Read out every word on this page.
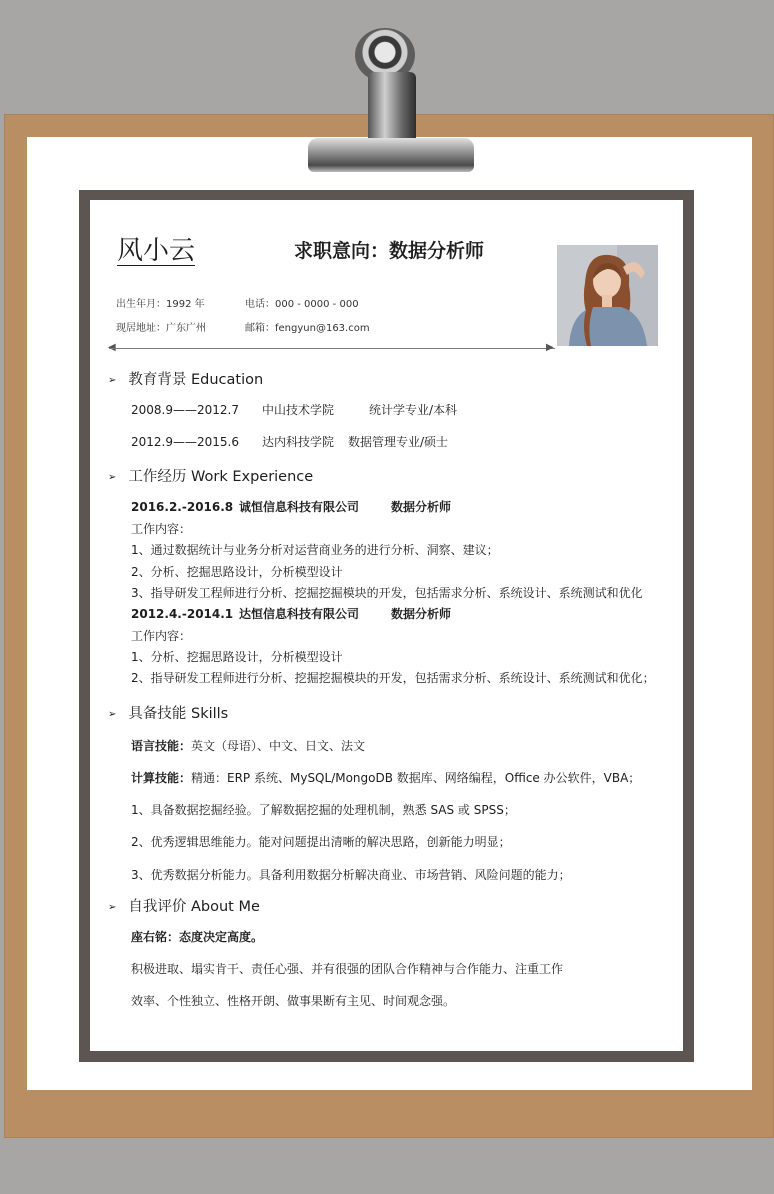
风小云	求职意向：数据分析师
出生年月：1992 年	电话：000 - 0000 - 000
现居地址：广东广州	邮箱：fengyun@163.com
▶
➢ 教育背景 Education
2008.9——2012.7 中山技术学院	统计学专业/本科
2012.9——2015.6 达内科技学院 数据管理专业/硕士
➢ 工作经历 Work Experience
2016.2.-2016.8 诚恒信息科技有限公司	数据分析师
工作内容：
1、通过数据统计与业务分析对运营商业务的进行分析、洞察、建议；
2、分析、挖掘思路设计，分析模型设计
3、指导研发工程师进行分析、挖掘挖掘模块的开发，包括需求分析、系统设计、系统测试和优化
2012.4.-2014.1 达恒信息科技有限公司	数据分析师
工作内容：
1、分析、挖掘思路设计，分析模型设计
2、指导研发工程师进行分析、挖掘挖掘模块的开发，包括需求分析、系统设计、系统测试和优化；
➢ 具备技能 Skills
语言技能：英文（母语）、中文、日文、法文
计算技能：精通：ERP 系统、MySQL/MongoDB 数据库、网络编程，Office 办公软件，VBA；
1、具备数据挖掘经验。了解数据挖掘的处理机制，熟悉 SAS 或 SPSS；
2、优秀逻辑思维能力。能对问题提出清晰的解决思路，创新能力明显；
3、优秀数据分析能力。具备利用数据分析解决商业、市场营销、风险问题的能力；
➢ 自我评价 About Me
座右铭：态度决定高度。
积极进取、塌实肯干、责任心强、并有很强的团队合作精神与合作能力、注重工作
效率、个性独立、性格开朗、做事果断有主见、时间观念强。
